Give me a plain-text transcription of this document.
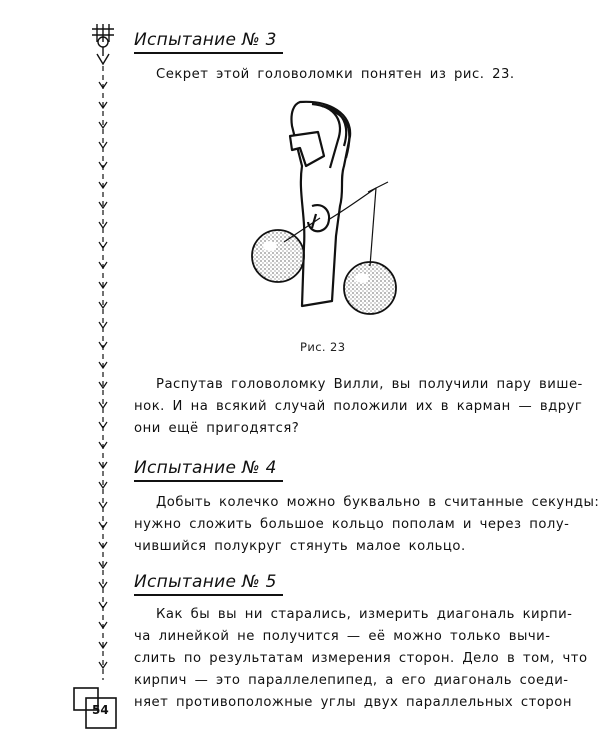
Испытание № 3
Секрет этой головоломки понятен из рис. 23.
Рис. 23
Распутав головоломку Вилли, вы получили пару више-
нок. И на всякий случай положили их в карман — вдруг
они ещё пригодятся?
Испытание № 4
Добыть колечко можно буквально в считанные секунды:
нужно сложить большое кольцо пополам и через полу-
чившийся полукруг стянуть малое кольцо.
Испытание № 5
Как бы вы ни старались, измерить диагональ кирпи-
ча линейкой не получится — её можно только вычи-
слить по результатам измерения сторон. Дело в том, что
кирпич — это параллелепипед, а его диагональ соеди-
няет противоположные углы двух параллельных сторон
54
